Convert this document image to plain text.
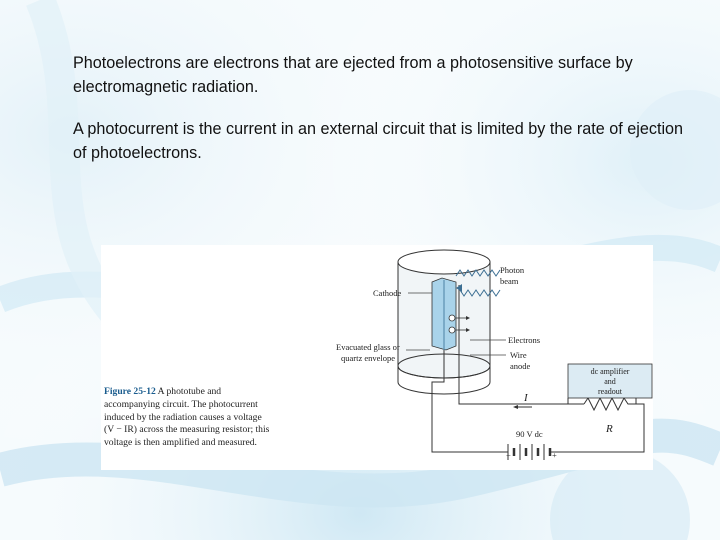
Photoelectrons are electrons that are ejected from a photosensitive surface by electromagnetic radiation.
A photocurrent is the current in an external circuit that is limited by the rate of ejection of photoelectrons.
Figure 25-12 A phototube and accompanying circuit. The photocurrent induced by the radiation causes a voltage (V − IR) across the measuring resistor; this voltage is then amplified and measured.
Photon
beam
Cathode
Electrons
Evacuated glass or
quartz envelope	Wire
anode
dc amplifier
and
readout
I
R
90 V dc
−	+
